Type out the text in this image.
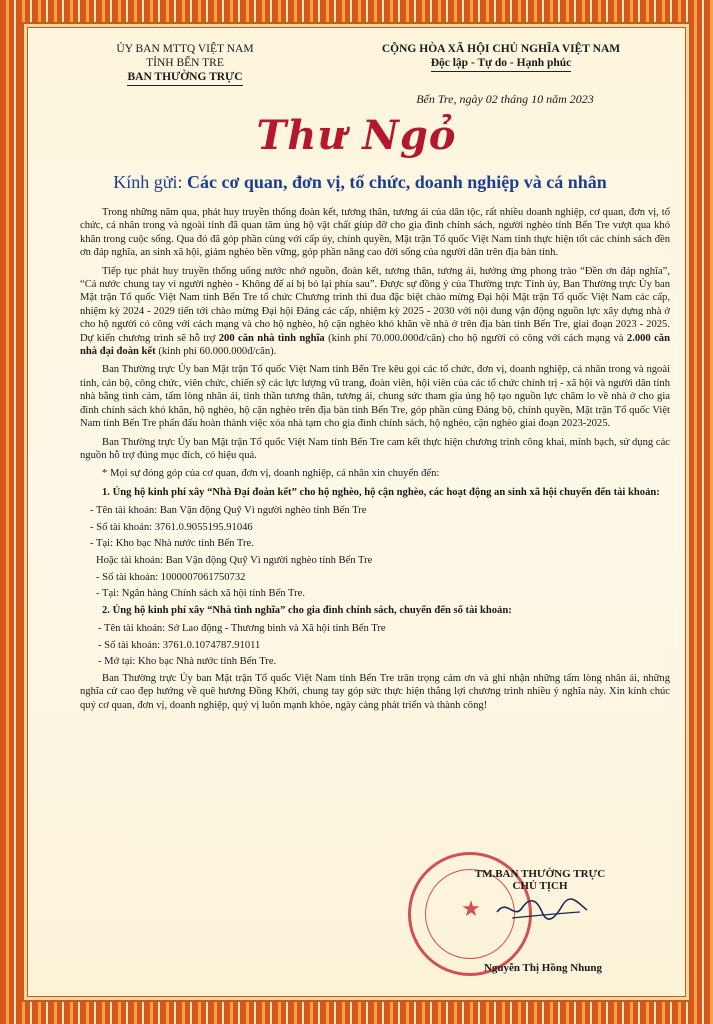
ỦY BAN MTTQ VIỆT NAM
TỈNH BẾN TRE
BAN THƯỜNG TRỰC
CỘNG HÒA XÃ HỘI CHỦ NGHĨA VIỆT NAM
Độc lập - Tự do - Hạnh phúc
Bến Tre, ngày 02 tháng 10 năm 2023
Thư Ngỏ
Kính gửi: Các cơ quan, đơn vị, tổ chức, doanh nghiệp và cá nhân

Trong những năm qua, phát huy truyền thống đoàn kết, tương thân, tương ái của dân tộc, rất nhiều doanh nghiệp, cơ quan, đơn vị, tổ chức, cá nhân trong và ngoài tỉnh đã quan tâm ủng hộ vật chất giúp đỡ cho gia đình chính sách, người nghèo tỉnh Bến Tre vượt qua khó khăn trong cuộc sống. Qua đó đã góp phần cùng với cấp ủy, chính quyền, Mặt trận Tổ quốc Việt Nam tỉnh thực hiện tốt các chính sách đền ơn đáp nghĩa, an sinh xã hội, giảm nghèo bền vững, góp phần nâng cao đời sống của người dân trên địa bàn tỉnh.

Tiếp tục phát huy truyền thống uống nước nhớ nguồn, đoàn kết, tương thân, tương ái, hưởng ứng phong trào “Đền ơn đáp nghĩa”, “Cả nước chung tay vì người nghèo - Không để ai bị bỏ lại phía sau”. Được sự đồng ý của Thường trực Tỉnh ủy, Ban Thường trực Ủy ban Mặt trận Tổ quốc Việt Nam tỉnh Bến Tre tổ chức Chương trình thi đua đặc biệt chào mừng Đại hội Mặt trận Tổ quốc Việt Nam các cấp, nhiệm kỳ 2024 - 2029 tiến tới chào mừng Đại hội Đảng các cấp, nhiệm kỳ 2025 - 2030 với nội dung vận động nguồn lực xây dựng nhà ở cho hộ người có công với cách mạng và cho hộ nghèo, hộ cận nghèo khó khăn về nhà ở trên địa bàn tỉnh Bến Tre, giai đoạn 2023 - 2025. Dự kiến chương trình sẽ hỗ trợ 200 căn nhà tình nghĩa (kinh phí 70.000.000đ/căn) cho hộ người có công với cách mạng và 2.000 căn nhà đại đoàn kết (kinh phí 60.000.000đ/căn).

Ban Thường trực Ủy ban Mặt trận Tổ quốc Việt Nam tỉnh Bến Tre kêu gọi các tổ chức, đơn vị, doanh nghiệp, cá nhân trong và ngoài tỉnh, cán bộ, công chức, viên chức, chiến sỹ các lực lượng vũ trang, đoàn viên, hội viên của các tổ chức chính trị - xã hội và người dân tỉnh nhà bằng tình cảm, tấm lòng nhân ái, tinh thần tương thân, tương ái, chung sức tham gia ủng hộ tạo nguồn lực chăm lo về nhà ở cho gia đình chính sách khó khăn, hộ nghèo, hộ cận nghèo trên địa bàn tỉnh Bến Tre, góp phần cùng Đảng bộ, chính quyền, Mặt trận Tổ quốc Việt Nam tỉnh Bến Tre phấn đấu hoàn thành việc xóa nhà tạm cho gia đình chính sách, hộ nghèo, cận nghèo giai đoạn 2023-2025.

Ban Thường trực Ủy ban Mặt trận Tổ quốc Việt Nam tỉnh Bến Tre cam kết thực hiện chương trình công khai, minh bạch, sử dụng các nguồn hỗ trợ đúng mục đích, có hiệu quả.

* Mọi sự đóng góp của cơ quan, đơn vị, doanh nghiệp, cá nhân xin chuyển đến:

1. Ủng hộ kinh phí xây “Nhà Đại đoàn kết” cho hộ nghèo, hộ cận nghèo, các hoạt động an sinh xã hội chuyển đến tài khoản:

- Tên tài khoản: Ban Vận động Quỹ Vì người nghèo tỉnh Bến Tre
- Số tài khoản: 3761.0.9055195.91046
- Tại: Kho bạc Nhà nước tỉnh Bến Tre.
Hoặc tài khoản: Ban Vận động Quỹ Vì người nghèo tỉnh Bến Tre
- Số tài khoản: 1000007061750732
- Tại: Ngân hàng Chính sách xã hội tỉnh Bến Tre.

2. Ủng hộ kinh phí xây “Nhà tình nghĩa” cho gia đình chính sách, chuyển đến số tài khoản:

- Tên tài khoản: Sở Lao động - Thương binh và Xã hội tỉnh Bến Tre
- Số tài khoản: 3761.0.1074787.91011
- Mở tại: Kho bạc Nhà nước tỉnh Bến Tre.

Ban Thường trực Ủy ban Mặt trận Tổ quốc Việt Nam tỉnh Bến Tre trân trọng cảm ơn và ghi nhận những tấm lòng nhân ái, những nghĩa cử cao đẹp hướng về quê hương Đồng Khởi, chung tay góp sức thực hiện thắng lợi chương trình nhiều ý nghĩa này. Xin kính chúc quý cơ quan, đơn vị, doanh nghiệp, quý vị luôn mạnh khỏe, ngày càng phát triển và thành công!

★
TM.BAN THƯỜNG TRỰC
CHỦ TỊCH
Nguyễn Thị Hồng Nhung
